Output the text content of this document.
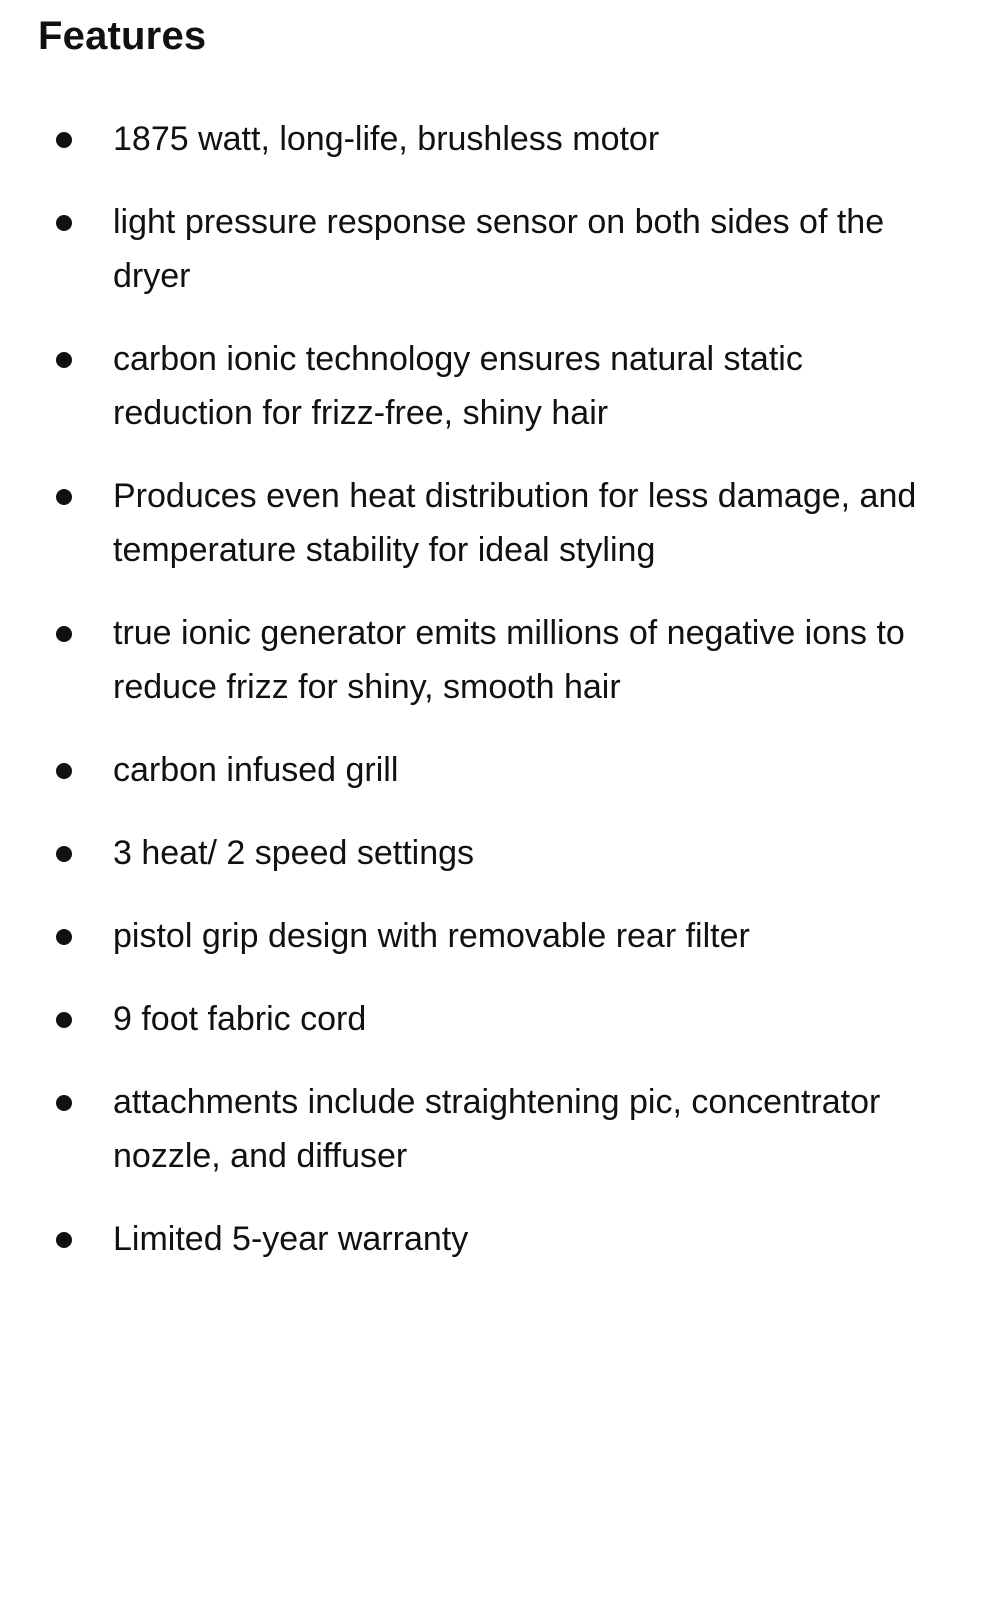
Features
1875 watt, long-life, brushless motor
light pressure response sensor on both sides of the dryer
carbon ionic technology ensures natural static reduction for frizz-free, shiny hair
Produces even heat distribution for less damage, and temperature stability for ideal styling
true ionic generator emits millions of negative ions to reduce frizz for shiny, smooth hair
carbon infused grill
3 heat/ 2 speed settings
pistol grip design with removable rear filter
9 foot fabric cord
attachments include straightening pic, concentrator nozzle, and diffuser
Limited 5-year warranty
